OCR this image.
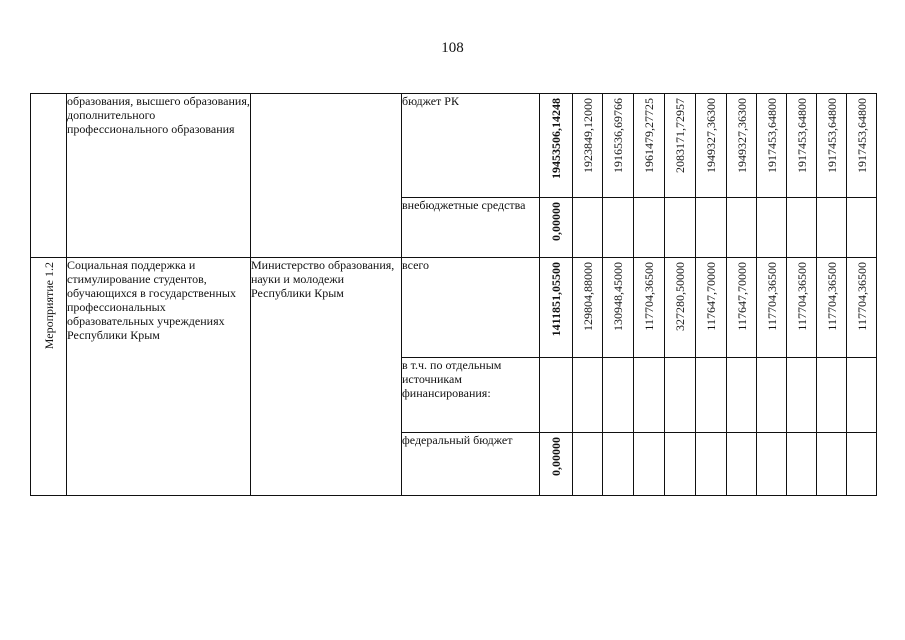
108
	образования, высшего образования, дополнительного профессионального образования		бюджет РК	19453506,14248	1923849,12000	1916536,69766	1961479,27725	2083171,72957	1949327,36300	1949327,36300	1917453,64800	1917453,64800	1917453,64800	1917453,64800
			внебюджетные средства	0,00000										
Мероприятие 1.2	Социальная поддержка и стимулирование студентов, обучающихся в государственных профессиональных образовательных учреждениях Республики Крым	Министерство образования, науки и молодежи Республики Крым	всего	1411851,05500	129804,88000	130948,45000	117704,36500	327280,50000	117647,70000	117647,70000	117704,36500	117704,36500	117704,36500	117704,36500
			в т.ч. по отдельным источникам финансирования:											
			федеральный бюджет	0,00000										
